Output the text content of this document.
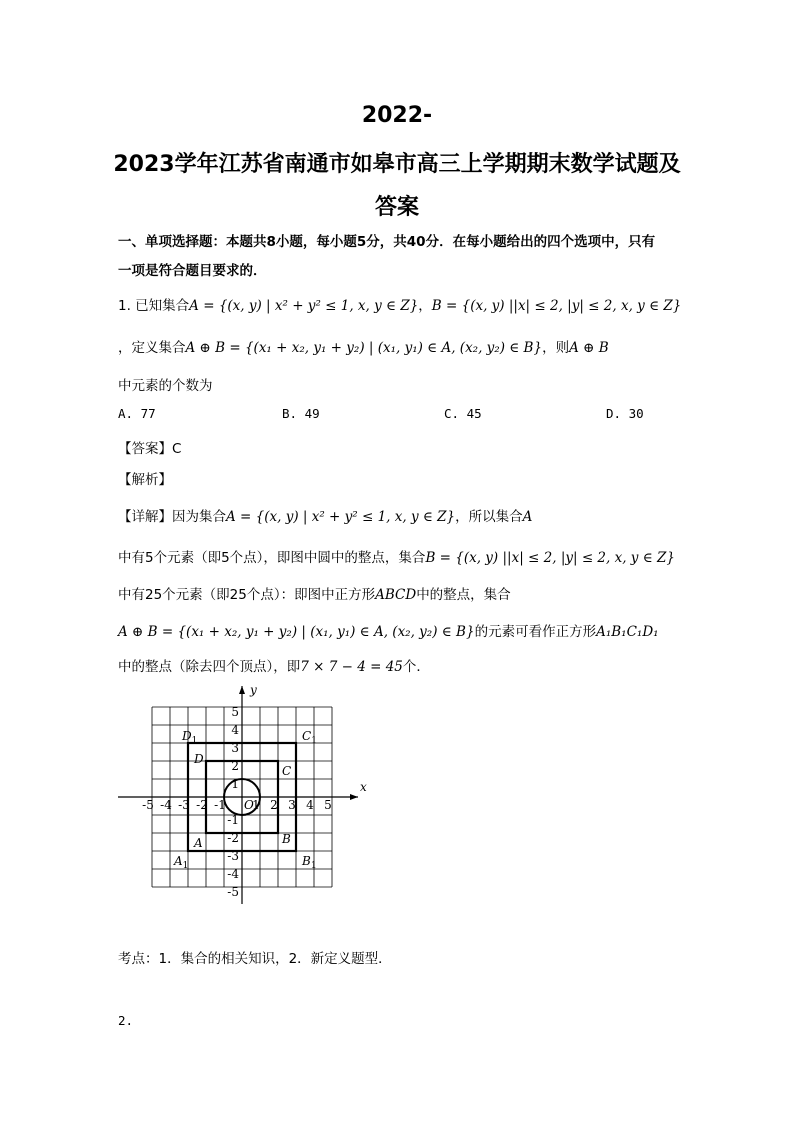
2022-
2023学年江苏省南通市如皋市高三上学期期末数学试题及
答案
一、单项选择题：本题共8小题，每小题5分，共40分．在每小题给出的四个选项中，只有
一项是符合题目要求的．
1. 已知集合A = {(x, y) | x² + y² ≤ 1, x, y ∈ Z}，B = {(x, y) ||x| ≤ 2, |y| ≤ 2, x, y ∈ Z}
，定义集合A ⊕ B = {(x₁ + x₂, y₁ + y₂) | (x₁, y₁) ∈ A, (x₂, y₂) ∈ B}，则A ⊕ B
中元素的个数为
A. 77	B. 49	C. 45	D. 30
【答案】C
【解析】
【详解】因为集合A = {(x, y) | x² + y² ≤ 1, x, y ∈ Z}，所以集合A
中有5个元素（即5个点），即图中圆中的整点，集合B = {(x, y) ||x| ≤ 2, |y| ≤ 2, x, y ∈ Z}
中有25个元素（即25个点）：即图中正方形ABCD中的整点，集合
A ⊕ B = {(x₁ + x₂, y₁ + y₂) | (x₁, y₁) ∈ A, (x₂, y₂) ∈ B}的元素可看作正方形A₁B₁C₁D₁
中的整点（除去四个顶点），即7 × 7 − 4 = 45个．
x
y
-5 -4 -3 -2 -1 1 2 3 4 5
5
4
3
2
1
-1
-2
-3
-4
-5
O
D
C
A	B
$D_1$	$C_1$
$A_1$	$B_1$
考点：1．集合的相关知识，2．新定义题型．
2.
